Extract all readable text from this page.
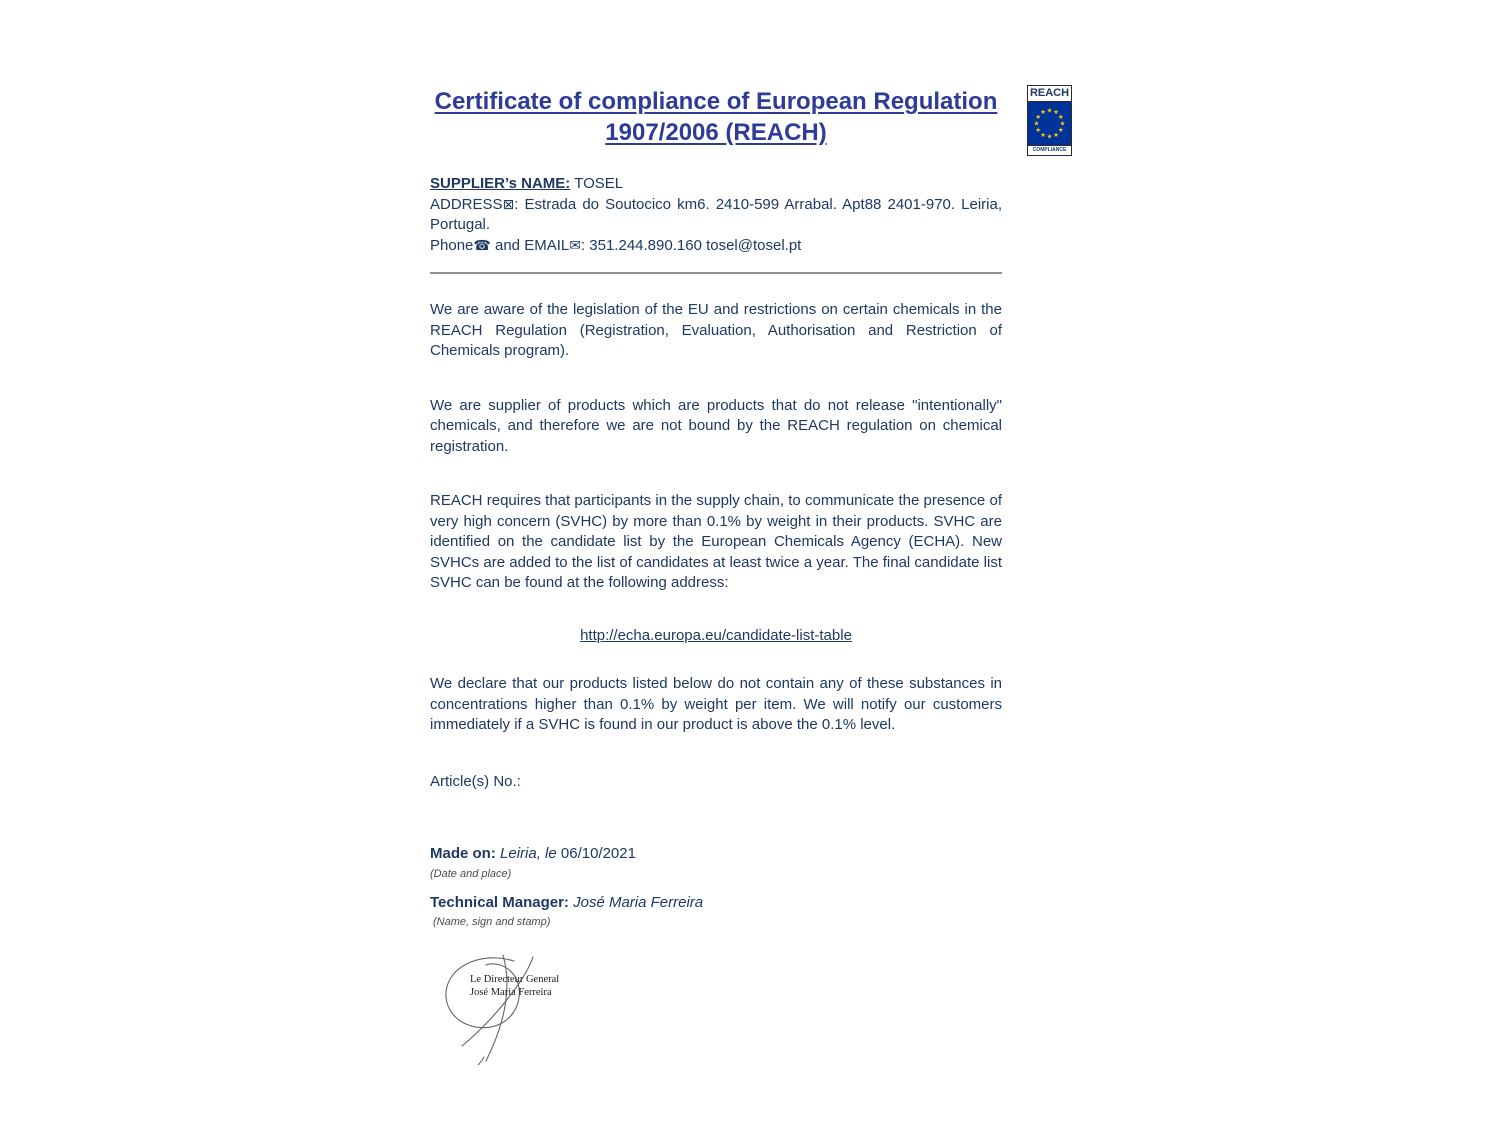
REACH
★ ★
★
★
★
★
★
★
★
★
★
★
COMPLIANCE
Certificate of compliance of European Regulation
1907/2006 (REACH)
SUPPLIER’s NAME: TOSEL
ADDRESS⊠: Estrada do Soutocico km6. 2410-599 Arrabal. Apt88 2401-970. Leiria, Portugal.
Phone☎ and EMAIL✉: 351.244.890.160 tosel@tosel.pt

We are aware of the legislation of the EU and restrictions on certain chemicals in the REACH Regulation (Registration, Evaluation, Authorisation and Restriction of Chemicals program).

We are supplier of products which are products that do not release "intentionally" chemicals, and therefore we are not bound by the REACH regulation on chemical registration.

REACH requires that participants in the supply chain, to communicate the presence of very high concern (SVHC) by more than 0.1% by weight in their products. SVHC are identified on the candidate list by the European Chemicals Agency (ECHA). New SVHCs are added to the list of candidates at least twice a year. The final candidate list SVHC can be found at the following address:

http://echa.europa.eu/candidate-list-table

We declare that our products listed below do not contain any of these substances in concentrations higher than 0.1% by weight per item. We will notify our customers immediately if a SVHC is found in our product is above the 0.1% level.

Article(s) No.:
Made on: Leiria, le 06/10/2021
(Date and place)
Technical Manager: José Maria Ferreira
(Name, sign and stamp)
Le Directeur General
José Maria Ferreira
